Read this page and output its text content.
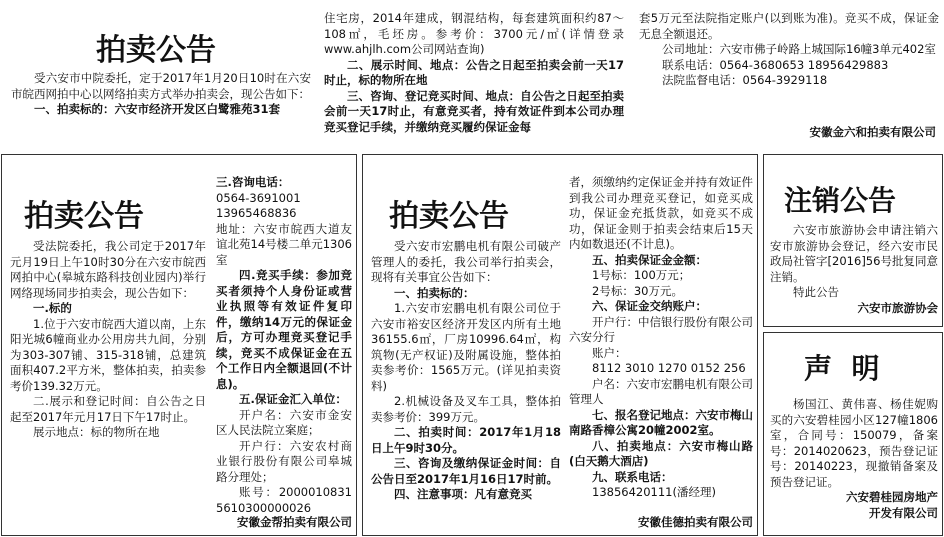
拍卖公告

受六安市中院委托，定于2017年1月20日10时在六安市皖西网拍中心以网络拍卖方式举办拍卖会，现公告如下：

一、拍卖标的：六安市经济开发区白鹭雅苑31套

住宅房，2014年建成，钢混结构，每套建筑面积约87～108㎡，毛坯房。参考价：3700元/㎡(详情登录www.ahjlh.com公司网站查询)

二、展示时间、地点：公告之日起至拍卖会前一天17时止，标的物所在地

三、咨询、登记竞买时间、地点：自公告之日起至拍卖会前一天17时止，有意竞买者，持有效证件到本公司办理竞买登记手续，并缴纳竞买履约保证金每

套5万元至法院指定账户(以到账为准)。竞买不成，保证金无息全额退还。

公司地址：六安市佛子岭路上城国际16幢3单元402室

联系电话：0564-3680653 18956429883

法院监督电话：0564-3929118

安徽金六和拍卖有限公司
拍卖公告

受法院委托，我公司定于2017年元月19日上午10时30分在六安市皖西网拍中心(皋城东路科技创业园内)举行网络现场同步拍卖会，现公告如下：

一.标的

1.位于六安市皖西大道以南，上东阳光城6幢商业办公用房共九间，分别为303-307铺、315-318铺，总建筑面积407.2平方米，整体拍卖，拍卖参考价139.32万元。

二.展示和登记时间：自公告之日起至2017年元月17日下午17时止。

展示地点：标的物所在地

三.咨询电话：

0564-3691001

13965468836

地址：六安市皖西大道友谊北苑14号楼二单元1306室

四.竞买手续：参加竞买者须持个人身份证或营业执照等有效证件复印件，缴纳14万元的保证金后，方可办理竞买登记手续，竞买不成保证金在五个工作日内全额退回(不计息)。

五.保证金汇入单位：

开户名：六安市金安区人民法院立案庭；

开户行：六安农村商业银行股份有限公司皋城路分理处；

账号：20000108315610300000026

安徽金帮拍卖有限公司
拍卖公告

受六安市宏鹏电机有限公司破产管理人的委托，我公司举行拍卖会，现将有关事宜公告如下：

一、拍卖标的：

1.六安市宏鹏电机有限公司位于六安市裕安区经济开发区内所有土地36155.6㎡，厂房10996.64㎡，构筑物(无产权证)及附属设施，整体拍卖参考价：1565万元。(详见拍卖资料)

2.机械设备及叉车工具，整体拍卖参考价：399万元。

二、拍卖时间：2017年1月18日上午9时30分。

三、咨询及缴纳保证金时间：自公告日至2017年1月16日17时前。

四、注意事项：凡有意竞买

者，须缴纳约定保证金并持有效证件到我公司办理竞买登记，如竞买成功，保证金充抵货款，如竞买不成功，保证金则于拍卖会结束后15天内如数退还(不计息)。

五、拍卖保证金金额：

1号标：100万元；

2号标：30万元。

六、保证金交纳账户：

开户行：中信银行股份有限公司六安分行

账户：

8112 3010 1270 0152 256

户名：六安市宏鹏电机有限公司管理人

七、报名登记地点：六安市梅山南路香樟公寓20幢2002室。

八、拍卖地点：六安市梅山路(白天鹅大酒店)

九、联系电话：

13856420111(潘经理)

安徽佳德拍卖有限公司
注销公告

六安市旅游协会申请注销六安市旅游协会登记，经六安市民政局社管字[2016]56号批复同意注销。

特此公告

六安市旅游协会

声  明

杨国江、黄伟喜、杨佳妮购买的六安碧桂园小区127幢1806室，合同号：150079，备案号：2014020623，预告登记证号：20140223，现撤销备案及预告登记证。

六安碧桂园房地产

开发有限公司
